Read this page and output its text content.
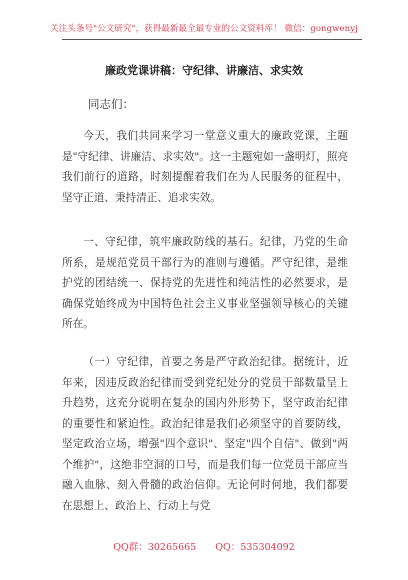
关注头条号"公文研究"，获得最新最全最专业的公文资料库！ 微信：gongwenyj
廉政党课讲稿：守纪律、讲廉洁、求实效
同志们：

今天，我们共同来学习一堂意义重大的廉政党课，主题是"守纪律、讲廉洁、求实效"。这一主题宛如一盏明灯，照亮我们前行的道路，时刻提醒着我们在为人民服务的征程中，坚守正道、秉持清正、追求实效。

一、守纪律，筑牢廉政防线的基石。纪律，乃党的生命所系，是规范党员干部行为的准则与遵循。严守纪律，是维护党的团结统一、保持党的先进性和纯洁性的必然要求，是确保党始终成为中国特色社会主义事业坚强领导核心的关键所在。

（一）守纪律，首要之务是严守政治纪律。据统计，近年来，因违反政治纪律而受到党纪处分的党员干部数量呈上升趋势，这充分说明在复杂的国内外形势下，坚守政治纪律的重要性和紧迫性。政治纪律是我们必须坚守的首要防线，坚定政治立场，增强"四个意识"、坚定"四个自信"、做到"两个维护"，这绝非空洞的口号，而是我们每一位党员干部应当融入血脉、刻入骨髓的政治信仰。无论何时何地，我们都要在思想上、政治上、行动上与党

QQ群：30265665 QQ：535304092
